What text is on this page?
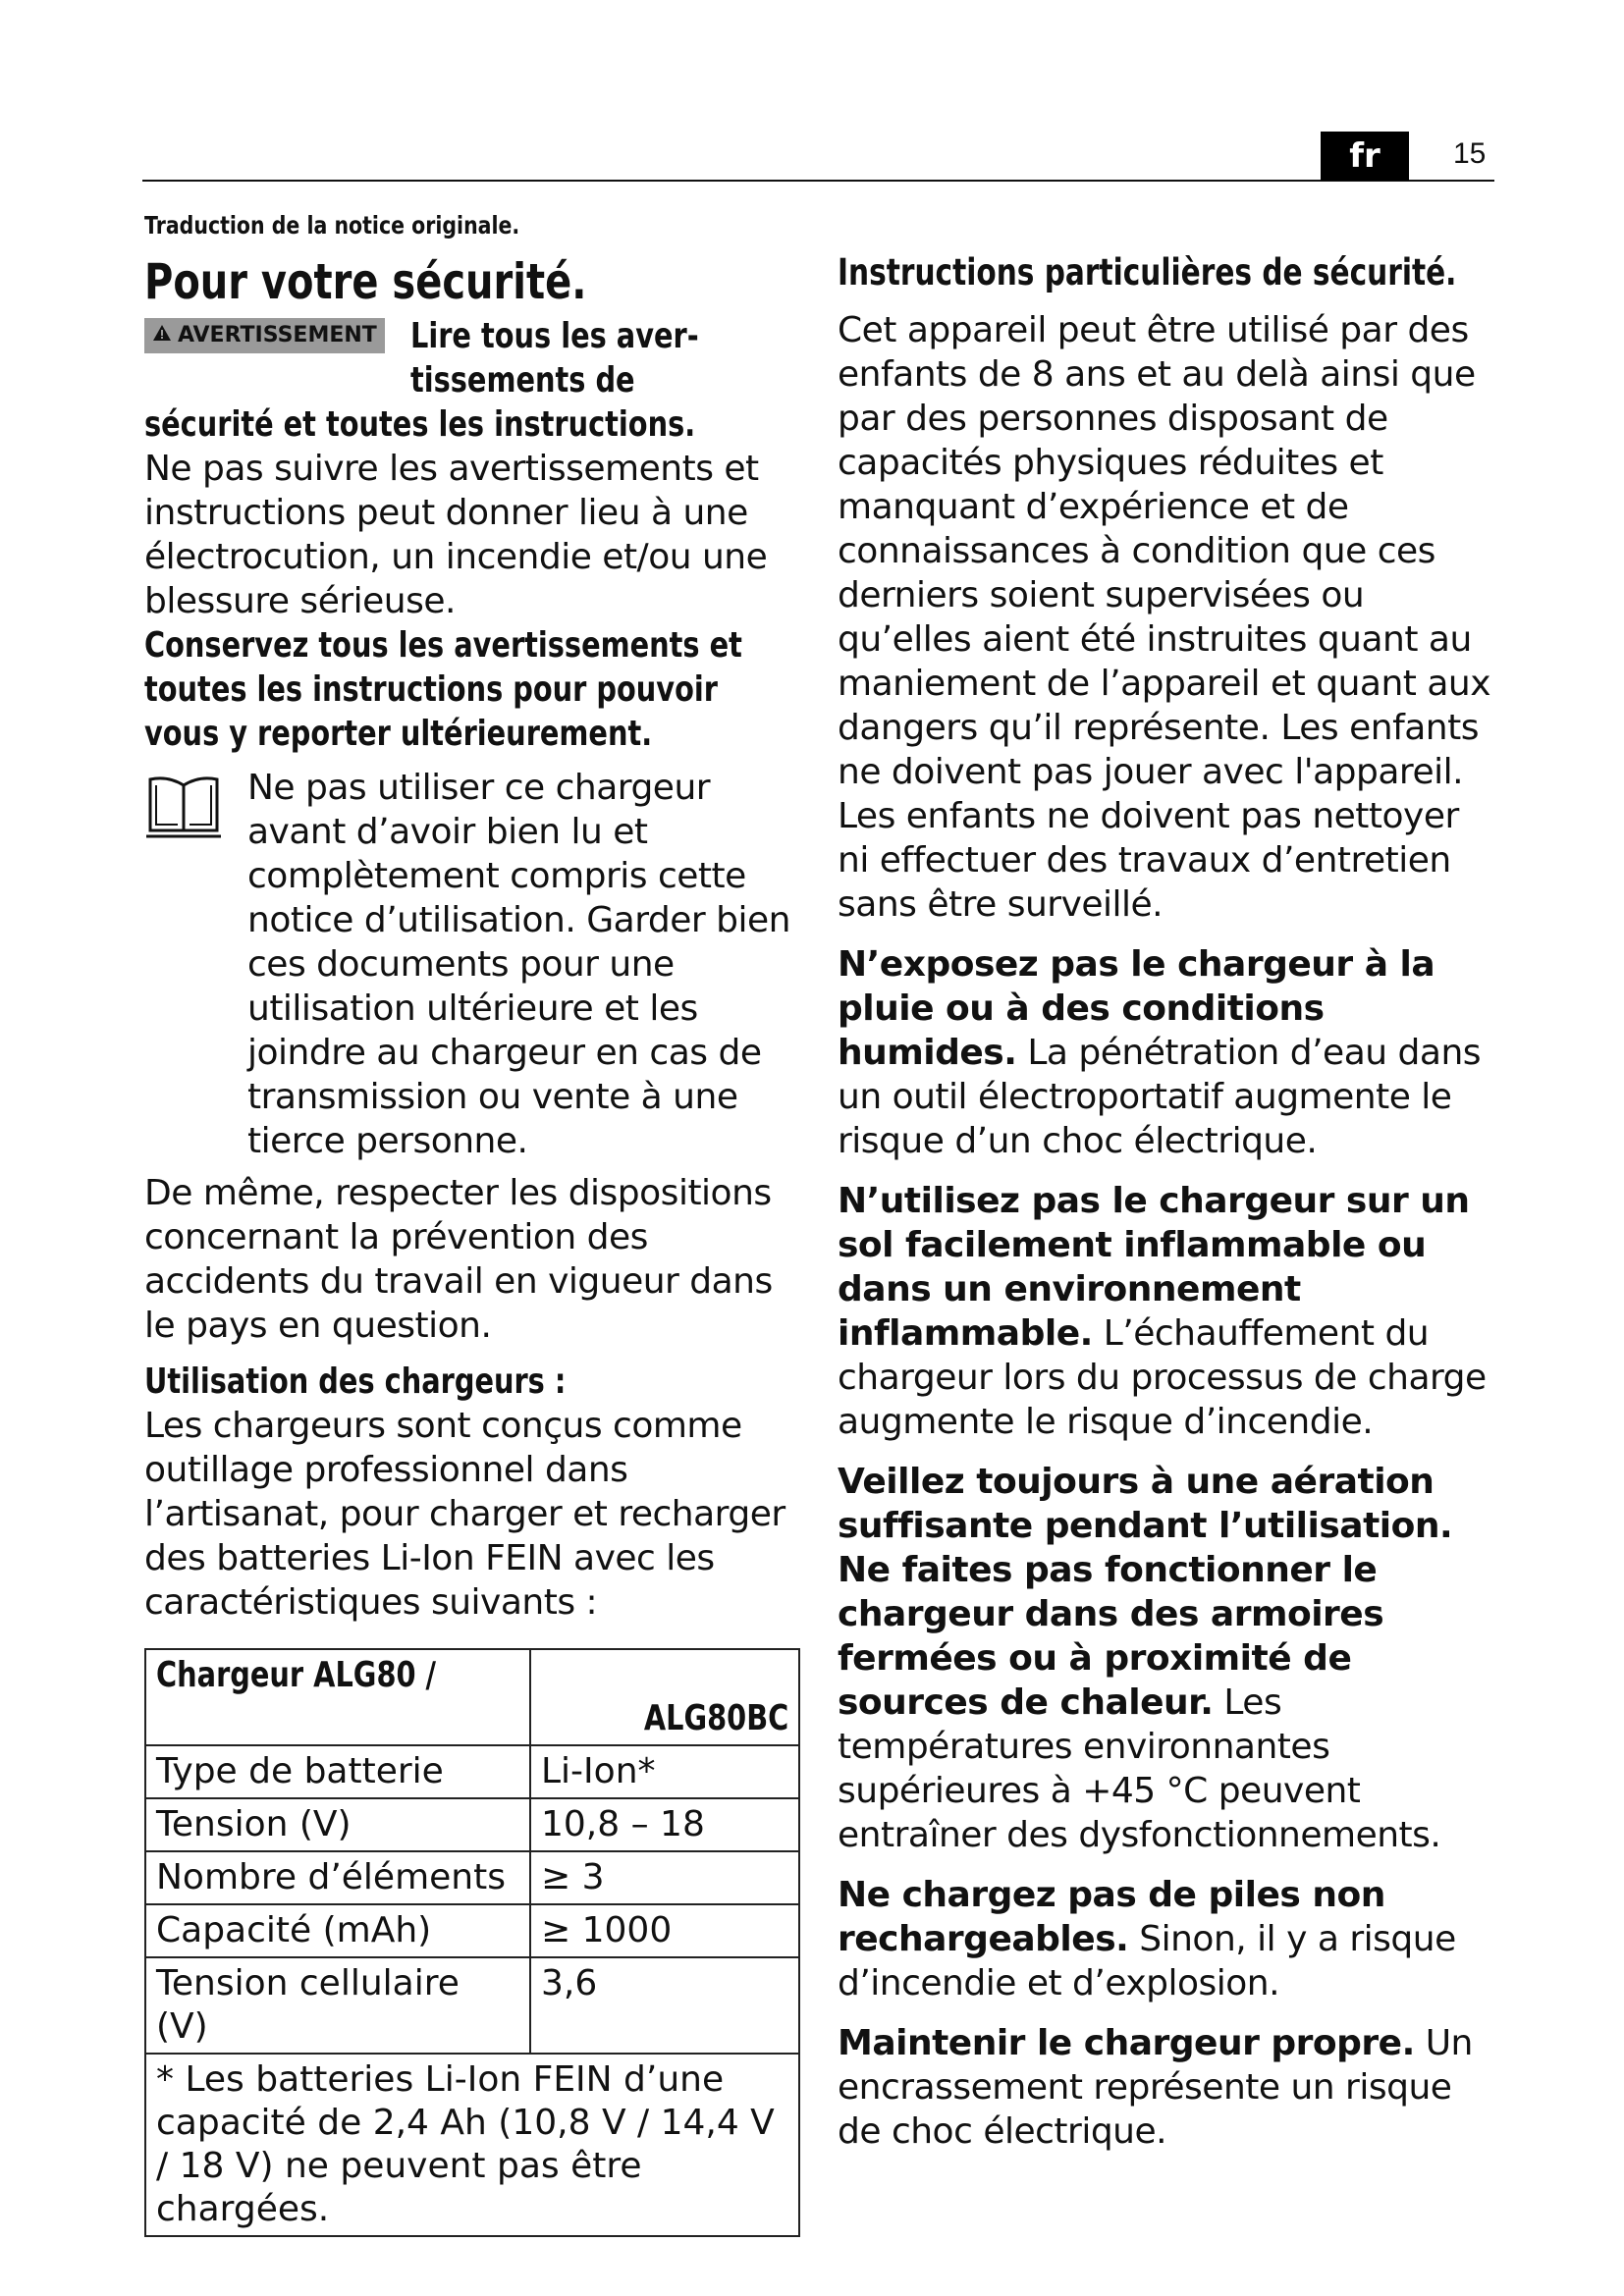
fr	15
Traduction de la notice originale.
Pour votre sécurité.
AVERTISSEMENT Lire tous les aver-
tissements de
sécurité et toutes les instructions.
Ne pas suivre les avertissements et instructions peut donner lieu à une électrocution, un incendie et/ou une blessure sérieuse.
Conservez tous les avertissements et toutes les instructions pour pouvoir vous y reporter ultérieurement.
Ne pas utiliser ce chargeur avant d’avoir bien lu et complètement compris cette notice d’utilisation. Garder bien ces documents pour une utilisation ultérieure et les joindre au chargeur en cas de transmission ou vente à une tierce personne.
De même, respecter les dispositions concernant la prévention des accidents du travail en vigueur dans le pays en question.
Utilisation des chargeurs :
Les chargeurs sont conçus comme outillage professionnel dans l’artisanat, pour charger et recharger des batteries Li-Ion FEIN avec les caractéristiques suivants :
Chargeur ALG80 /	ALG80BC
Type de batterie	Li-Ion*
Tension (V)	10,8 – 18
Nombre d’éléments	≥ 3
Capacité (mAh)	≥ 1000
Tension cellulaire (V)	3,6
* Les batteries Li-Ion FEIN d’une capacité de 2,4 Ah (10,8 V / 14,4 V / 18 V) ne peuvent pas être chargées.	
Instructions particulières de sécurité.
Cet appareil peut être utilisé par des enfants de 8 ans et au delà ainsi que par des personnes disposant de capacités physiques réduites et manquant d’expérience et de connaissances à condition que ces derniers soient supervisées ou qu’elles aient été instruites quant au maniement de l’appareil et quant aux dangers qu’il représente. Les enfants ne doivent pas jouer avec l'appareil. Les enfants ne doivent pas nettoyer ni effectuer des travaux d’entretien sans être surveillé.
N’exposez pas le chargeur à la pluie ou à des conditions humides. La pénétration d’eau dans un outil électroportatif augmente le risque d’un choc électrique.
N’utilisez pas le chargeur sur un sol facilement inflammable ou dans un environnement inflammable. L’échauffement du chargeur lors du processus de charge augmente le risque d’incendie.
Veillez toujours à une aération suffisante pendant l’utilisation. Ne faites pas fonctionner le chargeur dans des armoires fermées ou à proximité de sources de chaleur. Les températures environnantes supérieures à +45 °C peuvent entraîner des dysfonctionnements.
Ne chargez pas de piles non rechargeables. Sinon, il y a risque d’incendie et d’explosion.
Maintenir le chargeur propre. Un encrassement représente un risque de choc électrique.
